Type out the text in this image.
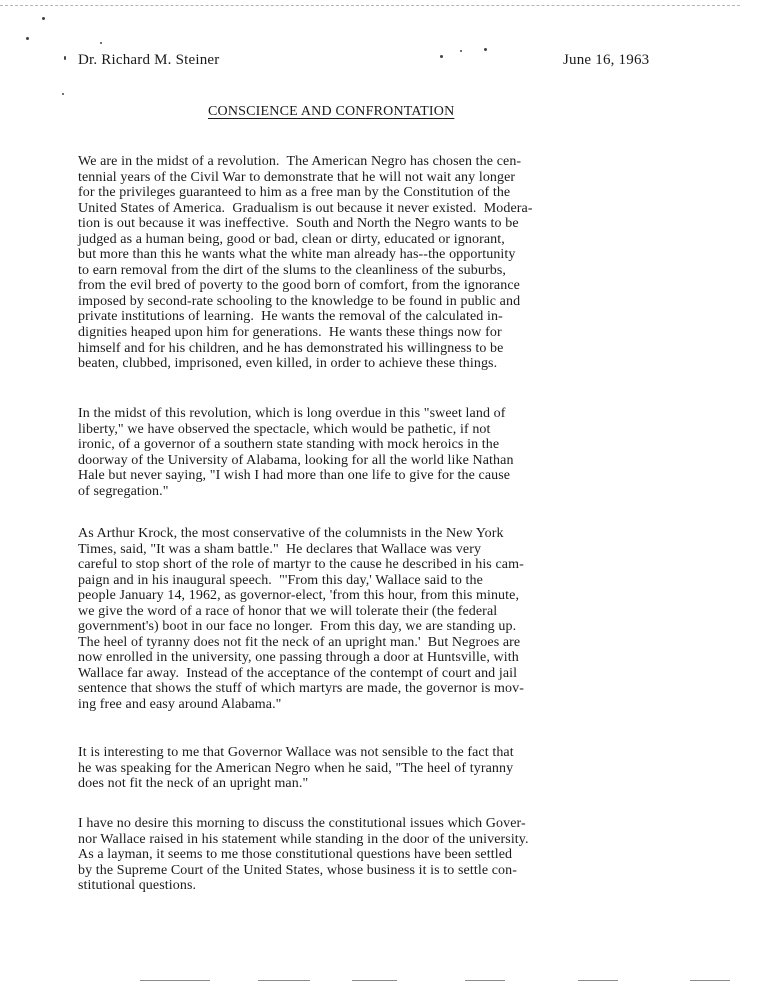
Dr. Richard M. Steiner	June 16, 1963
CONSCIENCE AND CONFRONTATION

We are in the midst of a revolution.  The American Negro has chosen the cen-
tennial years of the Civil War to demonstrate that he will not wait any longer
for the privileges guaranteed to him as a free man by the Constitution of the
United States of America.  Gradualism is out because it never existed.  Modera-
tion is out because it was ineffective.  South and North the Negro wants to be
judged as a human being, good or bad, clean or dirty, educated or ignorant,
but more than this he wants what the white man already has--the opportunity
to earn removal from the dirt of the slums to the cleanliness of the suburbs,
from the evil bred of poverty to the good born of comfort, from the ignorance
imposed by second-rate schooling to the knowledge to be found in public and
private institutions of learning.  He wants the removal of the calculated in-
dignities heaped upon him for generations.  He wants these things now for
himself and for his children, and he has demonstrated his willingness to be
beaten, clubbed, imprisoned, even killed, in order to achieve these things.

In the midst of this revolution, which is long overdue in this "sweet land of
liberty," we have observed the spectacle, which would be pathetic, if not
ironic, of a governor of a southern state standing with mock heroics in the
doorway of the University of Alabama, looking for all the world like Nathan
Hale but never saying, "I wish I had more than one life to give for the cause
of segregation."

As Arthur Krock, the most conservative of the columnists in the New York
Times, said, "It was a sham battle."  He declares that Wallace was very
careful to stop short of the role of martyr to the cause he described in his cam-
paign and in his inaugural speech.  "'From this day,' Wallace said to the
people January 14, 1962, as governor-elect, 'from this hour, from this minute,
we give the word of a race of honor that we will tolerate their (the federal
government's) boot in our face no longer.  From this day, we are standing up.
The heel of tyranny does not fit the neck of an upright man.'  But Negroes are
now enrolled in the university, one passing through a door at Huntsville, with
Wallace far away.  Instead of the acceptance of the contempt of court and jail
sentence that shows the stuff of which martyrs are made, the governor is mov-
ing free and easy around Alabama."

It is interesting to me that Governor Wallace was not sensible to the fact that
he was speaking for the American Negro when he said, "The heel of tyranny
does not fit the neck of an upright man."

I have no desire this morning to discuss the constitutional issues which Gover-
nor Wallace raised in his statement while standing in the door of the university.
As a layman, it seems to me those constitutional questions have been settled
by the Supreme Court of the United States, whose business it is to settle con-
stitutional questions.
